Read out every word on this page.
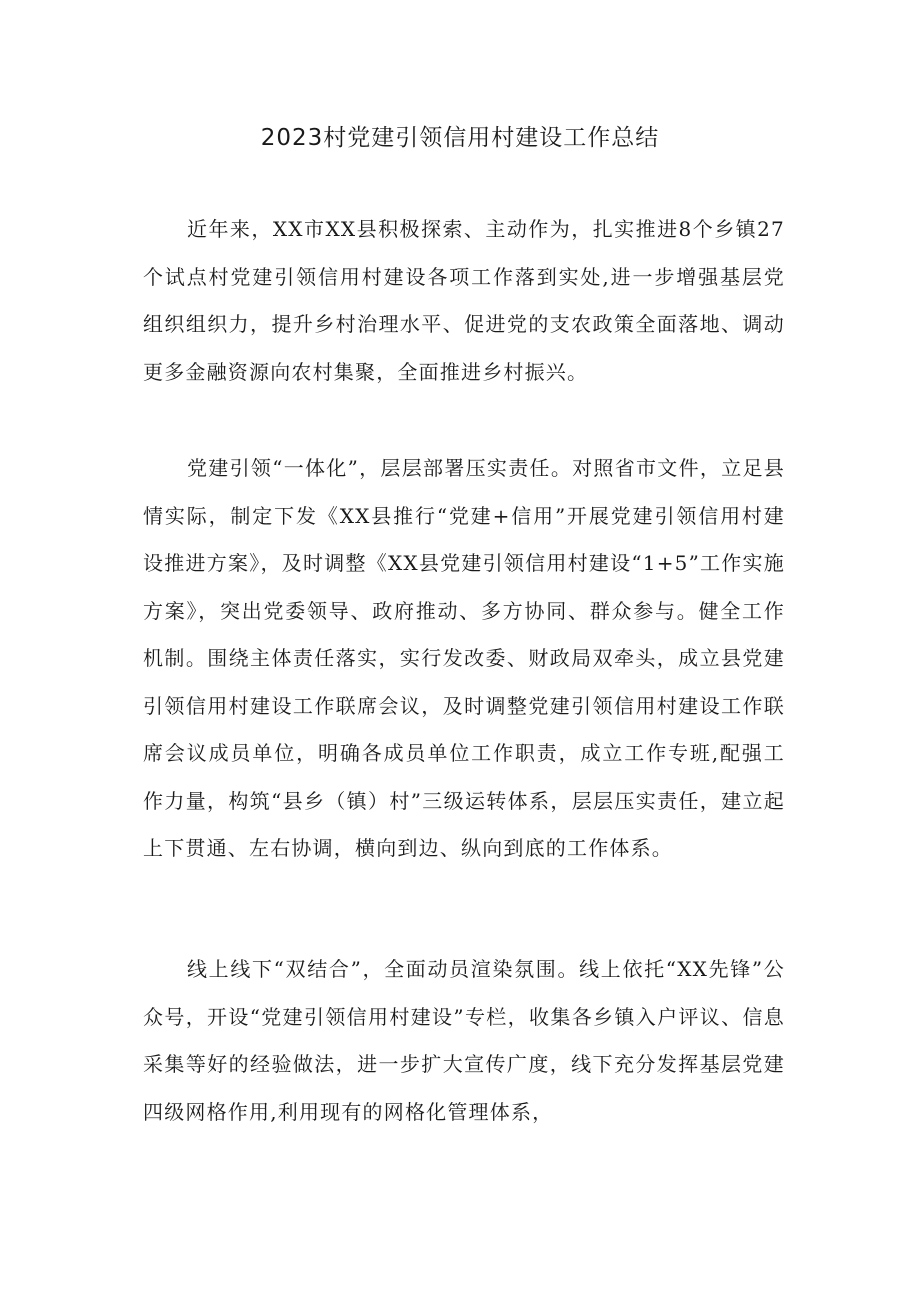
2023村党建引领信用村建设工作总结

近年来，XX市XX县积极探索、主动作为，扎实推进8个乡镇27个试点村党建引领信用村建设各项工作落到实处,进一步增强基层党组织组织力，提升乡村治理水平、促进党的支农政策全面落地、调动更多金融资源向农村集聚，全面推进乡村振兴。

党建引领“一体化”，层层部署压实责任。对照省市文件，立足县情实际，制定下发《XX县推行“党建+信用”开展党建引领信用村建设推进方案》，及时调整《XX县党建引领信用村建设“1+5”工作实施方案》，突出党委领导、政府推动、多方协同、群众参与。健全工作机制。围绕主体责任落实，实行发改委、财政局双牵头，成立县党建引领信用村建设工作联席会议，及时调整党建引领信用村建设工作联席会议成员单位，明确各成员单位工作职责，成立工作专班,配强工作力量，构筑“县乡（镇）村”三级运转体系，层层压实责任，建立起上下贯通、左右协调，横向到边、纵向到底的工作体系。

线上线下“双结合”，全面动员渲染氛围。线上依托“XX先锋”公众号，开设“党建引领信用村建设”专栏，收集各乡镇入户评议、信息采集等好的经验做法，进一步扩大宣传广度，线下充分发挥基层党建四级网格作用,利用现有的网格化管理体系，
